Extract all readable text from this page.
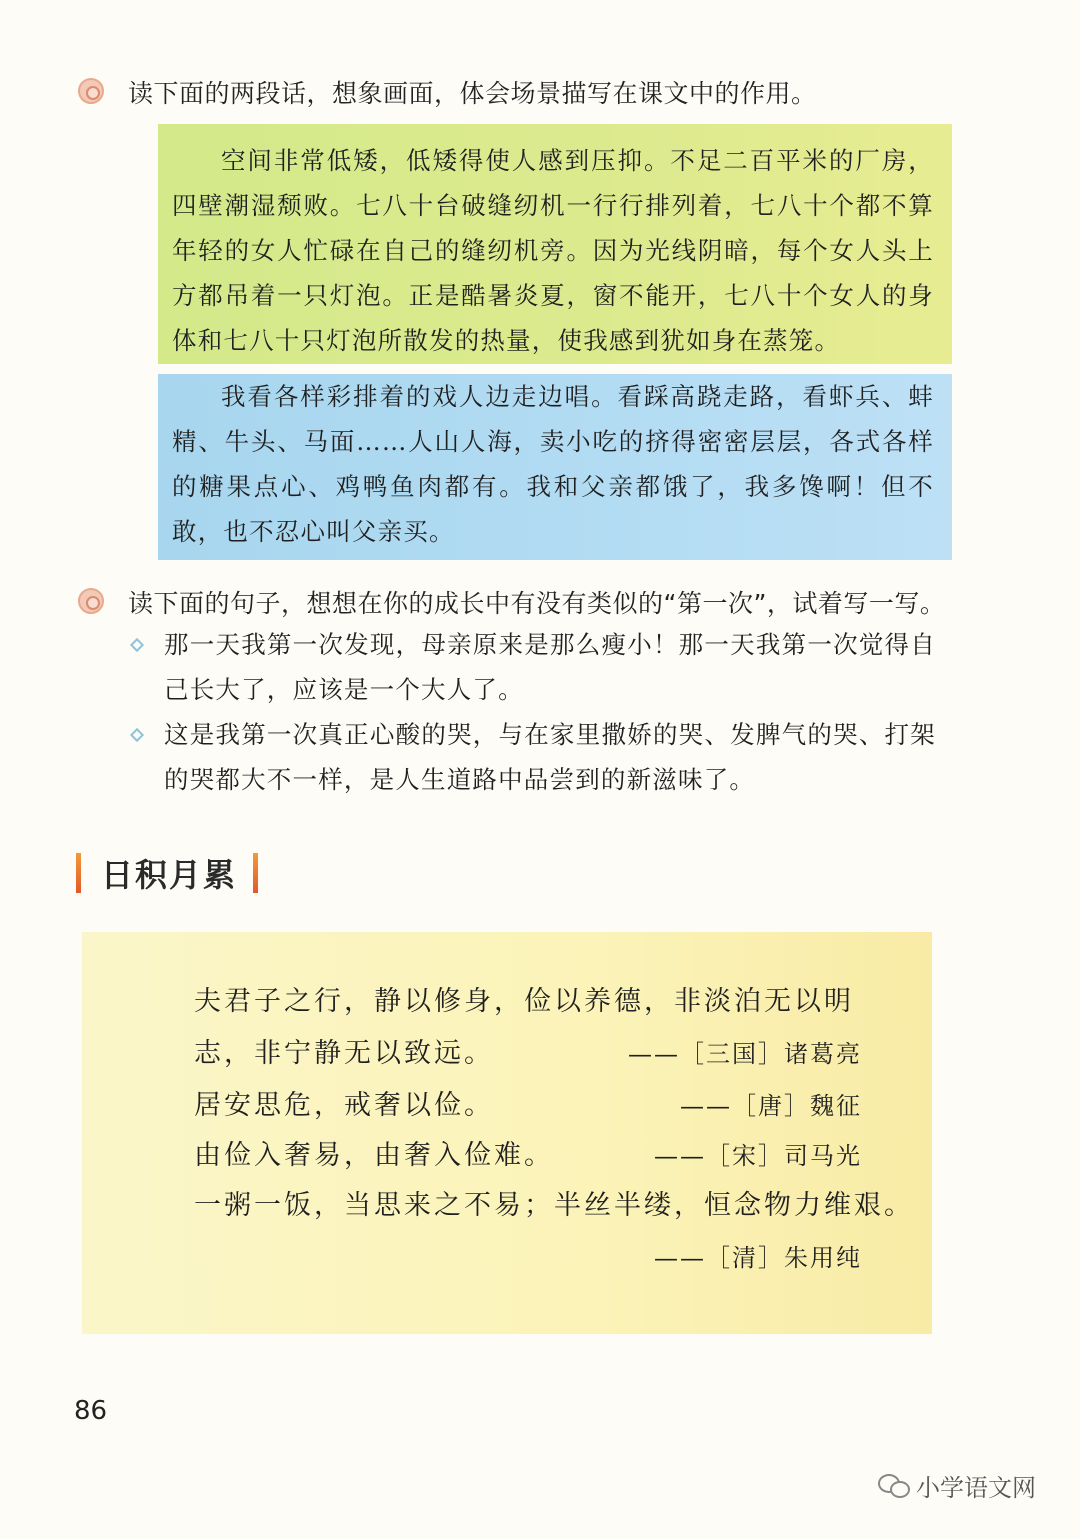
读下面的两段话，想象画面，体会场景描写在课文中的作用。

空间非常低矮，低矮得使人感到压抑。不足二百平米的厂房，四壁潮湿颓败。七八十台破缝纫机一行行排列着，七八十个都不算年轻的女人忙碌在自己的缝纫机旁。因为光线阴暗，每个女人头上方都吊着一只灯泡。正是酷暑炎夏，窗不能开，七八十个女人的身体和七八十只灯泡所散发的热量，使我感到犹如身在蒸笼。

我看各样彩排着的戏人边走边唱。看踩高跷走路，看虾兵、蚌精、牛头、马面……人山人海，卖小吃的挤得密密层层，各式各样的糖果点心、鸡鸭鱼肉都有。我和父亲都饿了，我多馋啊！但不敢，也不忍心叫父亲买。

读下面的句子，想想在你的成长中有没有类似的“第一次”，试着写一写。
那一天我第一次发现，母亲原来是那么瘦小！那一天我第一次觉得自己长大了，应该是一个大人了。
这是我第一次真正心酸的哭，与在家里撒娇的哭、发脾气的哭、打架的哭都大不一样，是人生道路中品尝到的新滋味了。
日积月累
夫君子之行，静以修身，俭以养德，非淡泊无以明
志，非宁静无以致远。	——［三国］诸葛亮
居安思危，戒奢以俭。	——［唐］魏征
由俭入奢易，由奢入俭难。	——［宋］司马光
一粥一饭，当思来之不易；半丝半缕，恒念物力维艰。
——［清］朱用纯
86
小学语文网
